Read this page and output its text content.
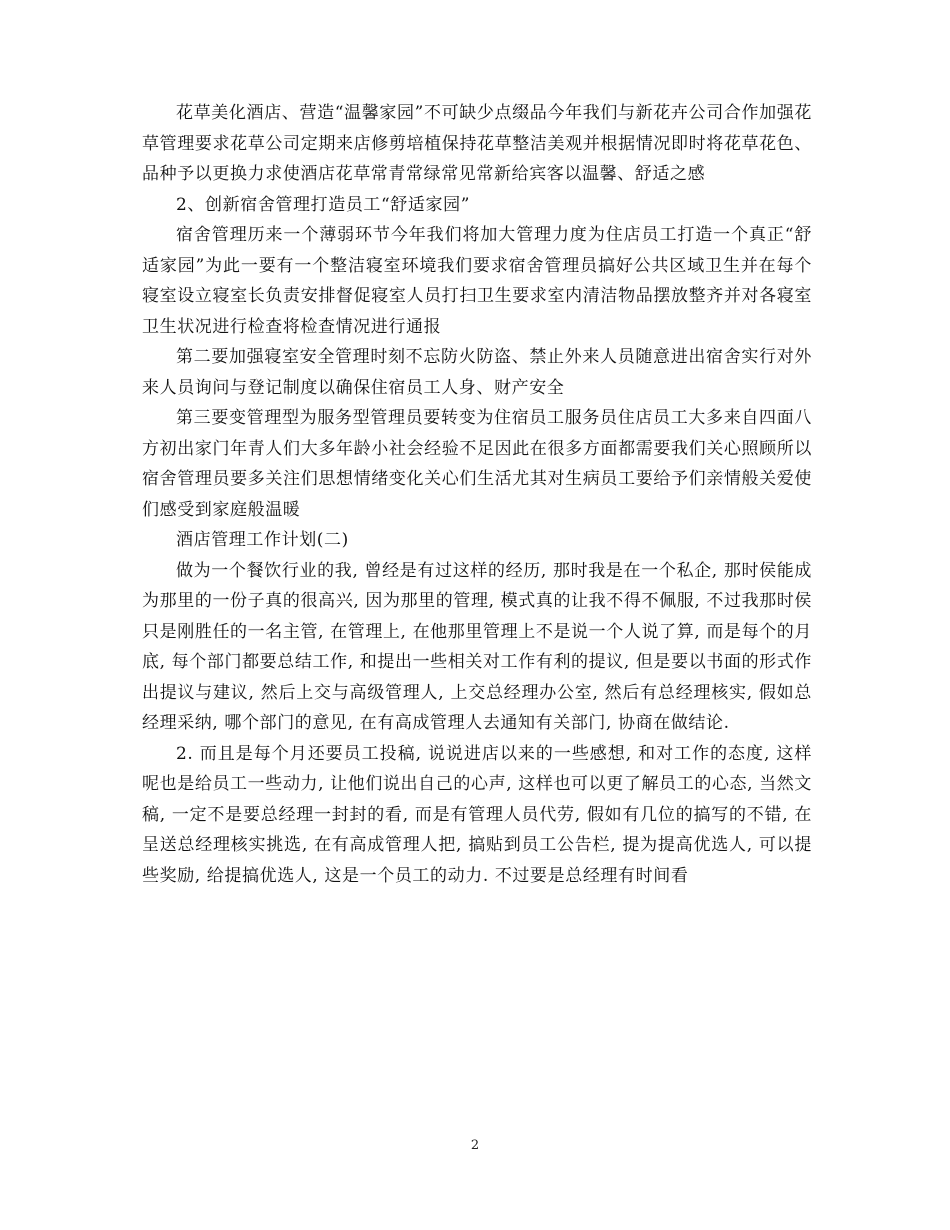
花草美化酒店、营造“温馨家园”不可缺少点缀品今年我们与新花卉公司合作加强花草管理要求花草公司定期来店修剪培植保持花草整洁美观并根据情况即时将花草花色、品种予以更换力求使酒店花草常青常绿常见常新给宾客以温馨、舒适之感

2、创新宿舍管理打造员工“舒适家园”

宿舍管理历来一个薄弱环节今年我们将加大管理力度为住店员工打造一个真正“舒适家园”为此一要有一个整洁寝室环境我们要求宿舍管理员搞好公共区域卫生并在每个寝室设立寝室长负责安排督促寝室人员打扫卫生要求室内清洁物品摆放整齐并对各寝室卫生状况进行检查将检查情况进行通报

第二要加强寝室安全管理时刻不忘防火防盗、禁止外来人员随意进出宿舍实行对外来人员询问与登记制度以确保住宿员工人身、财产安全

第三要变管理型为服务型管理员要转变为住宿员工服务员住店员工大多来自四面八方初出家门年青人们大多年龄小社会经验不足因此在很多方面都需要我们关心照顾所以宿舍管理员要多关注们思想情绪变化关心们生活尤其对生病员工要给予们亲情般关爱使们感受到家庭般温暖

酒店管理工作计划(二)

做为一个餐饮行业的我, 曾经是有过这样的经历, 那时我是在一个私企, 那时侯能成为那里的一份子真的很高兴, 因为那里的管理, 模式真的让我不得不佩服, 不过我那时侯只是刚胜任的一名主管, 在管理上, 在他那里管理上不是说一个人说了算, 而是每个的月底, 每个部门都要总结工作, 和提出一些相关对工作有利的提议, 但是要以书面的形式作出提议与建议, 然后上交与高级管理人, 上交总经理办公室, 然后有总经理核实, 假如总经理采纳, 哪个部门的意见, 在有高成管理人去通知有关部门, 协商在做结论.

2. 而且是每个月还要员工投稿, 说说进店以来的一些感想, 和对工作的态度, 这样呢也是给员工一些动力, 让他们说出自己的心声, 这样也可以更了解员工的心态, 当然文稿, 一定不是要总经理一封封的看, 而是有管理人员代劳, 假如有几位的搞写的不错, 在呈送总经理核实挑选, 在有高成管理人把, 搞贴到员工公告栏, 提为提高优选人, 可以提些奖励, 给提搞优选人, 这是一个员工的动力. 不过要是总经理有时间看

2
